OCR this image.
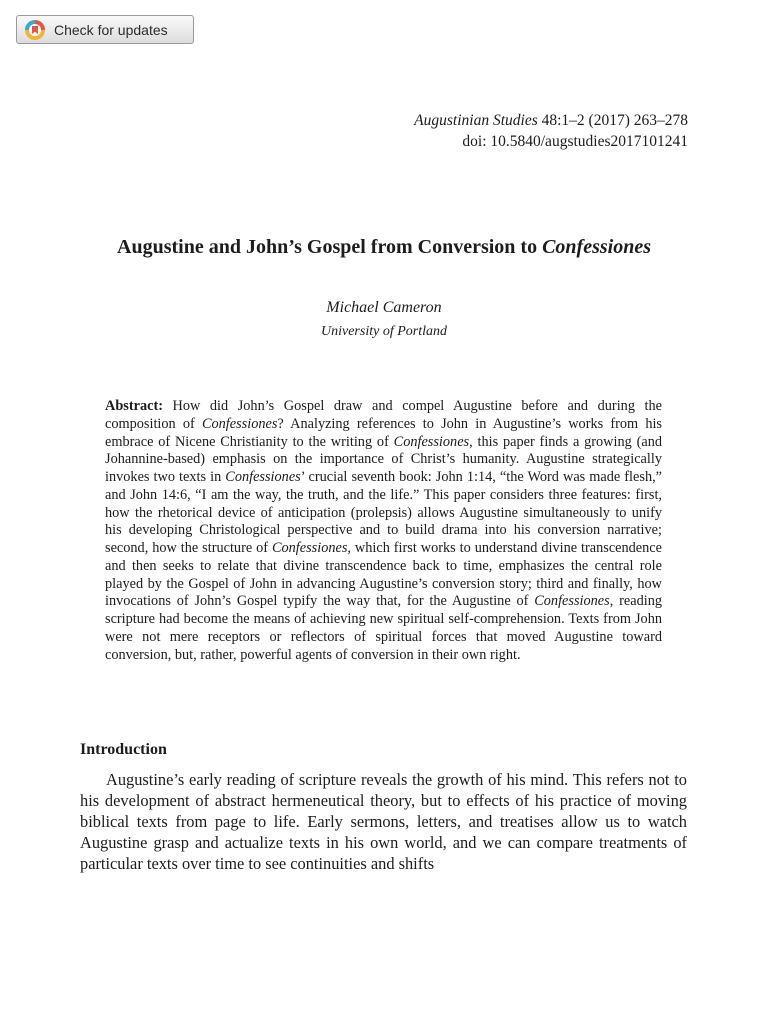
Check for updates
Augustinian Studies 48:1–2 (2017) 263–278
doi: 10.5840/augstudies2017101241
Augustine and John’s Gospel from Conversion to Confessiones
Michael Cameron
University of Portland

Abstract: How did John’s Gospel draw and compel Augustine before and during the composition of Confessiones? Analyzing references to John in Augustine’s works from his embrace of Nicene Christianity to the writing of Confessiones, this paper finds a growing (and Johannine-based) emphasis on the importance of Christ’s humanity. Augustine strategically invokes two texts in Confessiones’ crucial seventh book: John 1:14, “the Word was made flesh,” and John 14:6, “I am the way, the truth, and the life.” This paper considers three features: first, how the rhetorical device of anticipation (prolepsis) allows Augustine simultaneously to unify his developing Christological perspective and to build drama into his conversion narrative; second, how the structure of Confessiones, which first works to understand divine transcendence and then seeks to relate that divine transcendence back to time, emphasizes the central role played by the Gospel of John in advancing Augustine’s conversion story; third and finally, how invocations of John’s Gospel typify the way that, for the Augustine of Confessiones, reading scripture had become the means of achieving new spiritual self-comprehension. Texts from John were not mere receptors or reflectors of spiritual forces that moved Augustine toward conversion, but, rather, powerful agents of conversion in their own right.

Introduction

Augustine’s early reading of scripture reveals the growth of his mind. This refers not to his development of abstract hermeneutical theory, but to effects of his practice of moving biblical texts from page to life. Early sermons, letters, and treatises allow us to watch Augustine grasp and actualize texts in his own world, and we can compare treatments of particular texts over time to see continuities and shifts
